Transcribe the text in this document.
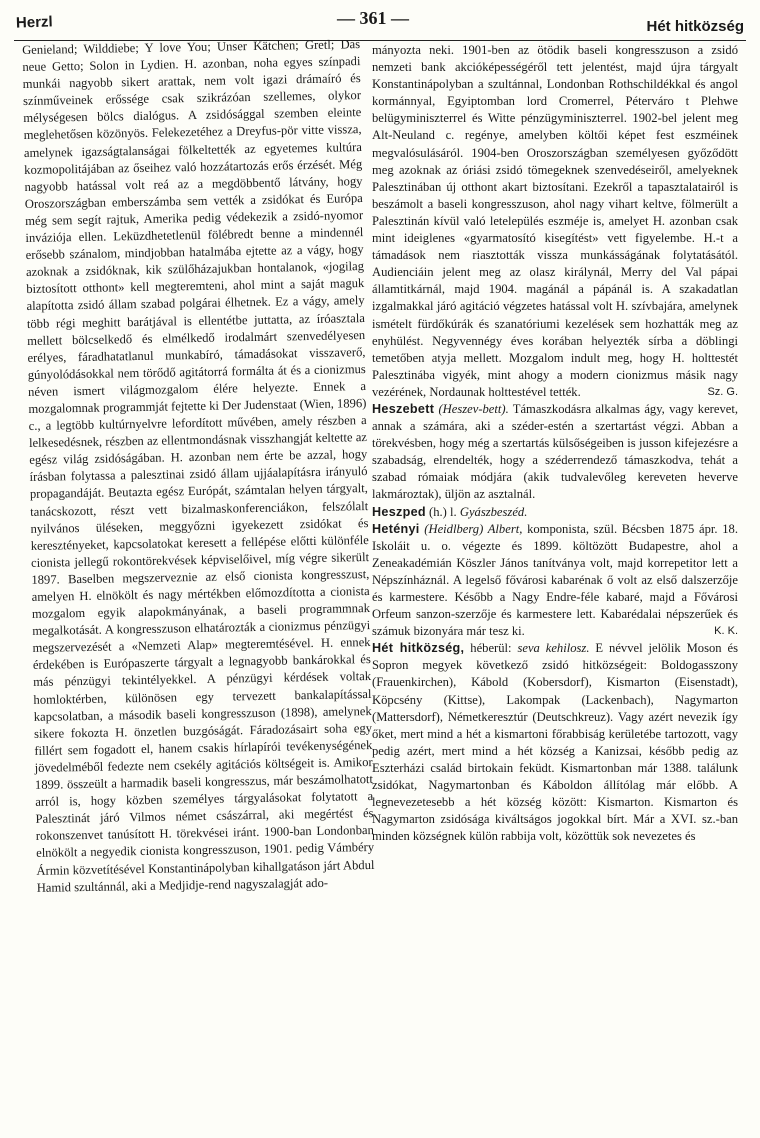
Herzl	— 361 —	Hét hitközség

Genieland; Wilddiebe; Y love You; Unser Kätchen; Gretl; Das neue Getto; Solon in Lydien. H. azonban, noha egyes színpadi munkái nagyobb sikert arattak, nem volt igazi drámaíró és színműveinek erőssége csak szikrázóan szellemes, olykor mélységesen bölcs dialógus. A zsidósággal szemben eleinte meglehetősen közönyös. Felekezetéhez a Dreyfus-pör vitte vissza, amelynek igazságtalanságai fölkeltették az egyetemes kultúra kozmopolitájában az őseihez való hozzátartozás erős érzését. Még nagyobb hatással volt reá az a megdöbbentő látvány, hogy Oroszországban emberszámba sem vették a zsidókat és Európa még sem segít rajtuk, Amerika pedig védekezik a zsidó-nyomor inváziója ellen. Leküzdhetetlenül fölébredt benne a mindennél erősebb szánalom, mindjobban hatalmába ejtette az a vágy, hogy azoknak a zsidóknak, kik szülőházajukban hontalanok, «jogilag biztosított otthont» kell megteremteni, ahol mint a saját maguk alapította zsidó állam szabad polgárai élhetnek. Ez a vágy, amely több régi meghitt barátjával is ellentétbe juttatta, az íróasztala mellett bölcselkedő és elmélkedő irodalmárt szenvedélyesen erélyes, fáradhatatlanul munkabíró, támadásokat visszaverő, gúnyolódásokkal nem törődő agitátorrá formálta át és a cionizmus néven ismert világmozgalom élére helyezte. Ennek a mozgalomnak programmját fejtette ki Der Judenstaat (Wien, 1896) c., a legtöbb kultúrnyelvre lefordított művében, amely részben a lelkesedésnek, részben az ellentmondásnak visszhangját keltette az egész világ zsidóságában. H. azonban nem érte be azzal, hogy írásban folytassa a palesztinai zsidó állam ujjáalapításra irányuló propagandáját. Beutazta egész Európát, számtalan helyen tárgyalt, tanácskozott, részt vett bizalmaskonferenciákon, felszólalt nyilvános üléseken, meggyőzni igyekezett zsidókat és keresztényeket, kapcsolatokat keresett a fellépése előtti különféle cionista jellegű rokontörekvések képviselőivel, míg végre sikerült 1897. Baselben megszerveznie az első cionista kongresszust, amelyen H. elnökölt és nagy mértékben előmozdította a cionista mozgalom egyik alapokmányának, a baseli programmnak megalkotását. A kongresszuson elhatározták a cionizmus pénzügyi megszervezését a «Nemzeti Alap» megteremtésével. H. ennek érdekében is Európaszerte tárgyalt a legnagyobb bankárokkal és más pénzügyi tekintélyekkel. A pénzügyi kérdések voltak homloktérben, különösen egy tervezett bankalapítással kapcsolatban, a második baseli kongresszuson (1898), amelynek sikere fokozta H. önzetlen buzgóságát. Fáradozásairt soha egy fillért sem fogadott el, hanem csakis hírlapírói tevékenységének jövedelméből fedezte nem csekély agitációs költségeit is. Amikor 1899. összeült a harmadik baseli kongresszus, már beszámolhatott arról is, hogy közben személyes tárgyalásokat folytatott a Palesztinát járó Vilmos német császárral, aki megértést és rokonszenvet tanúsított H. törekvései iránt. 1900-ban Londonban elnökölt a negyedik cionista kongresszuson, 1901. pedig Vámbéry Ármin közvetítésével Konstantinápolyban kihallgatáson járt Abdul Hamid szultánnál, aki a Medjidje-rend nagyszalagját ado-

mányozta neki. 1901-ben az ötödik baseli kongresszuson a zsidó nemzeti bank akcióképességéről tett jelentést, majd újra tárgyalt Konstantinápolyban a szultánnal, Londonban Rothschildékkal és angol kormánnyal, Egyiptomban lord Cromerrel, Péterváro t Plehwe belügyminiszterrel és Witte pénzügyminiszterrel. 1902-bel jelent meg Alt-Neuland c. regénye, amelyben költői képet fest eszméinek megvalósulásáról. 1904-ben Oroszországban személyesen győződött meg azoknak az óriási zsidó tömegeknek szenvedéseiről, amelyeknek Palesztinában új otthont akart biztosítani. Ezekről a tapasztalatairól is beszámolt a baseli kongresszuson, ahol nagy vihart keltve, fölmerült a Palesztinán kívül való letelepülés eszméje is, amelyet H. azonban csak mint ideiglenes «gyarmatosító kisegítést» vett figyelembe. H.-t a támadások nem riasztották vissza munkásságának folytatásától. Audienciáin jelent meg az olasz királynál, Merry del Val pápai államtitkárnál, majd 1904. magánál a pápánál is. A szakadatlan izgalmakkal járó agitáció végzetes hatással volt H. szívbajára, amelynek ismételt fürdőkúrák és szanatóriumi kezelések sem hozhatták meg az enyhülést. Negyvennégy éves korában helyezték sírba a döblingi temetőben atyja mellett. Mozgalom indult meg, hogy H. holttestét Palesztinába vigyék, mint ahogy a modern cionizmus másik nagy vezérének, Nordaunak holttestével tették.	Sz. G.

Heszebett (Heszev-bett). Támaszkodásra alkalmas ágy, vagy kerevet, annak a számára, aki a széder-estén a szertartást végzi. Abban a törekvésben, hogy még a szertartás külsőségeiben is jusson kifejezésre a szabadság, elrendelték, hogy a széderrendező támaszkodva, tehát a szabad rómaiak módjára (akik tudvalevőleg kereveten heverve lakmároztak), üljön az asztalnál.

Heszped (h.) l. Gyászbeszéd.

Hetényi (Heidlberg) Albert, komponista, szül. Bécsben 1875 ápr. 18. Iskoláit u. o. végezte és 1899. költözött Budapestre, ahol a Zeneakadémián Köszler János tanítványa volt, majd korrepetitor lett a Népszínháznál. A legelső fővárosi kabarénak ő volt az első dalszerzője és karmestere. Később a Nagy Endre-féle kabaré, majd a Fővárosi Orfeum sanzon-szerzője és karmestere lett. Kabarédalai népszerűek és számuk bizonyára már tesz ki.	K. K.

Hét hitközség, héberül: seva kehilosz. E névvel jelölik Moson és Sopron megyek következő zsidó hitközségeit: Boldogasszony (Frauenkirchen), Kábold (Kobersdorf), Kismarton (Eisenstadt), Köpcsény (Kittse), Lakompak (Lackenbach), Nagymarton (Mattersdorf), Németkeresztúr (Deutschkreuz). Vagy azért nevezik így őket, mert mind a hét a kismartoni főrabbiság kerületébe tartozott, vagy pedig azért, mert mind a hét község a Kanizsai, később pedig az Eszterházi család birtokain feküdt. Kismartonban már 1388. találunk zsidókat, Nagymartonban és Káboldon állítólag már előbb. A legnevezetesebb a hét község között: Kismarton. Kismarton és Nagymarton zsidósága kiváltságos jogokkal bírt. Már a XVI. sz.-ban minden községnek külön rabbija volt, közöttük sok nevezetes és
